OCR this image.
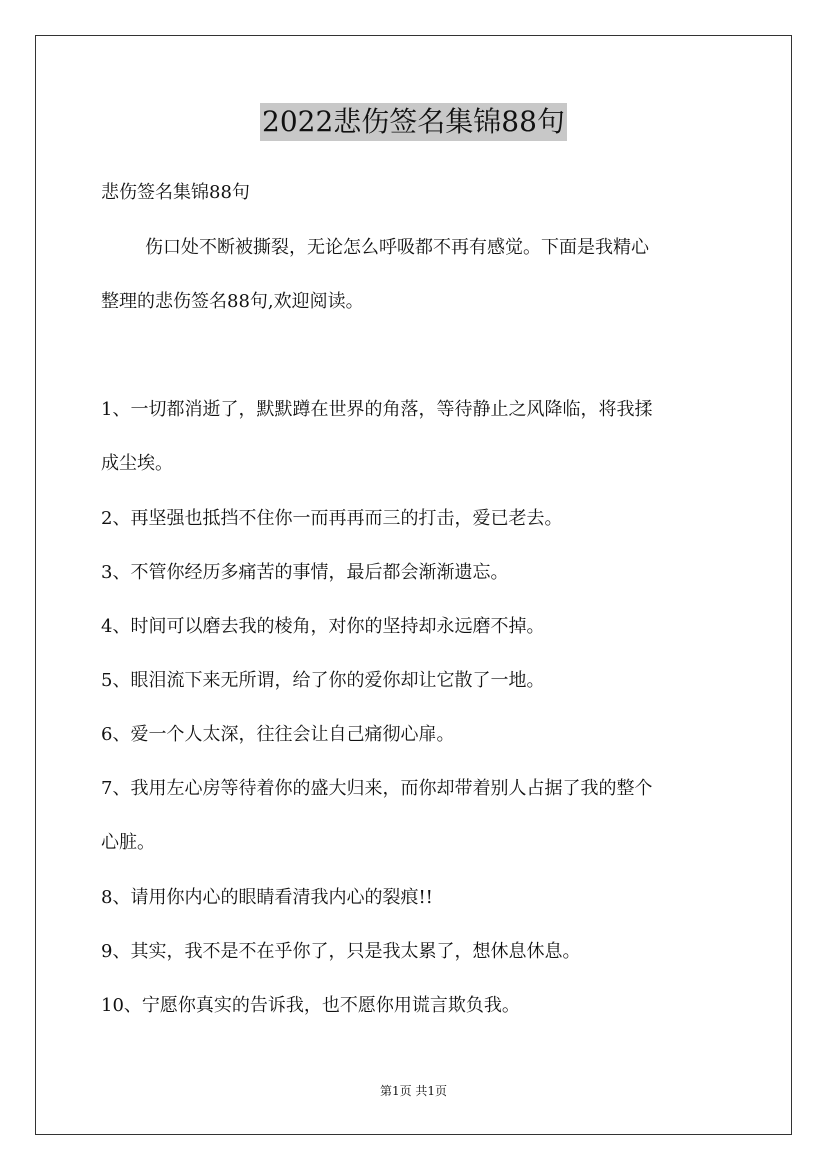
2022悲伤签名集锦88句
悲伤签名集锦88句
伤口处不断被撕裂，无论怎么呼吸都不再有感觉。下面是我精心
整理的悲伤签名88句,欢迎阅读。
1、一切都消逝了，默默蹲在世界的角落，等待静止之风降临，将我揉
成尘埃。
2、再坚强也抵挡不住你一而再再而三的打击，爱已老去。
3、不管你经历多痛苦的事情，最后都会渐渐遗忘。
4、时间可以磨去我的棱角，对你的坚持却永远磨不掉。
5、眼泪流下来无所谓，给了你的爱你却让它散了一地。
6、爱一个人太深，往往会让自己痛彻心扉。
7、我用左心房等待着你的盛大归来，而你却带着别人占据了我的整个
心脏。
8、请用你内心的眼睛看清我内心的裂痕!!
9、其实，我不是不在乎你了，只是我太累了，想休息休息。
10、宁愿你真实的告诉我，也不愿你用谎言欺负我。
第1页 共1页
